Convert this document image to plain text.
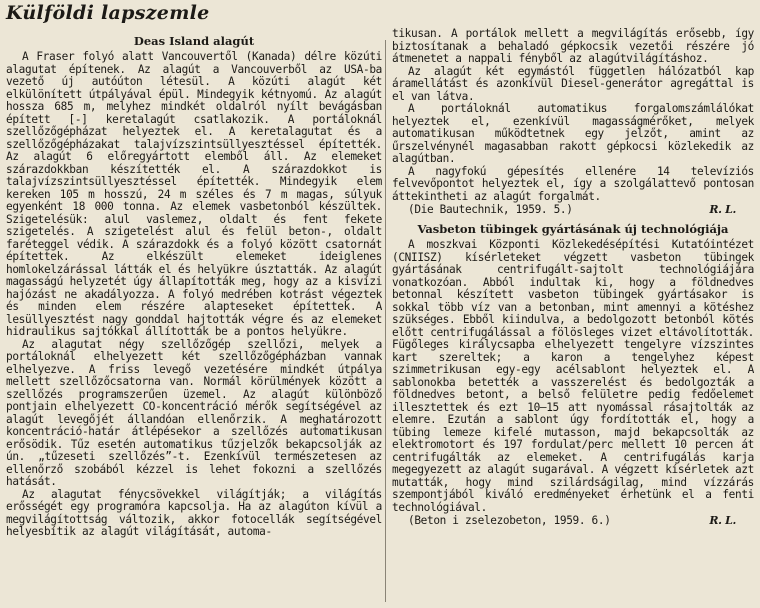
Külföldi lapszemle
Deas Island alagút

A Fraser folyó alatt Vancouvertől (Kanada) délre közúti alagutat építenek. Az alagút a Vancouverből az USA-ba vezető új autóúton létesül. A közúti alagút két elkülönített útpályával épül. Mindegyik kétnyomú. Az alagút hossza 685 m, melyhez mindkét oldalról nyílt bevágásban épített [-] keretalagút csatlakozik. A portáloknál szellőzőgépházat helyeztek el. A keretalagutat és a szellőzőgépházakat talajvízszintsüllyesztéssel építették. Az alagút 6 előregyártott elemből áll. Az elemeket szárazdokkban készítették el. A szárazdokkot is talajvízszintsüllyesztéssel építették. Mindegyik elem kereken 105 m hosszú, 24 m széles és 7 m magas, súlyuk egyenként 18 000 tonna. Az elemek vasbetonból készültek. Szigetelésük: alul vaslemez, oldalt és fent fekete szigetelés. A szigetelést alul és felül beton-, oldalt faréteggel védik. A szárazdokk és a folyó között csatornát építettek. Az elkészült elemeket ideiglenes homlokelzárással látták el és helyükre úsztatták. Az alagút magasságú helyzetét úgy állapították meg, hogy az a kisvízi hajózást ne akadályozza. A folyó medrében kotrást végeztek és minden elem részére alapteseket építettek. A lesüllyesztést nagy gonddal hajtották végre és az elemeket hidraulikus sajtókkal állították be a pontos helyükre.

Az alagutat négy szellőzőgép szellőzi, melyek a portáloknál elhelyezett két szellőzőgépházban vannak elhelyezve. A friss levegő vezetésére mindkét útpálya mellett szellőzőcsatorna van. Normál körülmények között a szellőzés programszerűen üzemel. Az alagút különböző pontjain elhelyezett CO-koncentráció mérők segítségével az alagút levegőjét állandóan ellenőrzik. A meghatározott koncentráció-határ átlépésekor a szellőzés automatikusan erősödik. Tűz esetén automatikus tűzjelzők bekapcsolják az ún. „tűzeseti szellőzés”-t. Ezenkívül természetesen az ellenőrző szobából kézzel is lehet fokozni a szellőzés hatását.

Az alagutat fénycsövekkel világítják; a világítás erősségét egy programóra kapcsolja. Ha az alagúton kívül a megvilágítottság változik, akkor fotocellák segítségével helyesbítik az alagút világítását, automa-

tikusan. A portálok mellett a megvilágítás erősebb, így biztosítanak a behaladó gépkocsik vezetői részére jó átmenetet a nappali fényből az alagútvilágításhoz.

Az alagút két egymástól független hálózatból kap áramellátást és azonkívül Diesel-generátor agregáttal is el van látva.

A portáloknál automatikus forgalomszámlálókat helyeztek el, ezenkívül magasságmérőket, melyek automatikusan működtetnek egy jelzőt, amint az űrszelvénynél magasabban rakott gépkocsi közlekedik az alagútban.

A nagyfokú gépesítés ellenére 14 televíziós felvevőpontot helyeztek el, így a szolgálattevő pontosan áttekintheti az alagút forgalmát.

(Die Bautechnik, 1959. 5.)	R. L.
Vasbeton tübingek gyártásának új technológiája

A moszkvai Központi Közlekedésépítési Kutatóintézet (CNIISZ) kísérleteket végzett vasbeton tübingek gyártásának centrifugált-sajtolt technológiájára vonatkozóan. Abból indultak ki, hogy a földnedves betonnal készített vasbeton tübingek gyártásakor is sokkal több víz van a betonban, mint amennyi a kötéshez szükséges. Ebből kiindulva, a bedolgozott betonból kötés előtt centrifugálással a fölösleges vizet eltávolították. Fügőleges királycsapba elhelyezett tengelyre vízszintes kart szereltek; a karon a tengelyhez képest szimmetrikusan egy-egy acélsablont helyeztek el. A sablonokba betették a vasszerelést és bedolgozták a földnedves betont, a belső felületre pedig fedőelemet illesztettek és ezt 10—15 att nyomással rásajtolták az elemre. Ezután a sablont úgy fordították el, hogy a tübing lemeze kifelé mutasson, majd bekapcsolták az elektromotort és 197 fordulat/perc mellett 10 percen át centrifugálták az elemeket. A centrifugálás karja megegyezett az alagút sugarával. A végzett kísérletek azt mutatták, hogy mind szilárdságilag, mind vízzárás szempontjából kiváló eredményeket érhetünk el a fenti technológiával.

(Beton i zselezobeton, 1959. 6.)	R. L.
